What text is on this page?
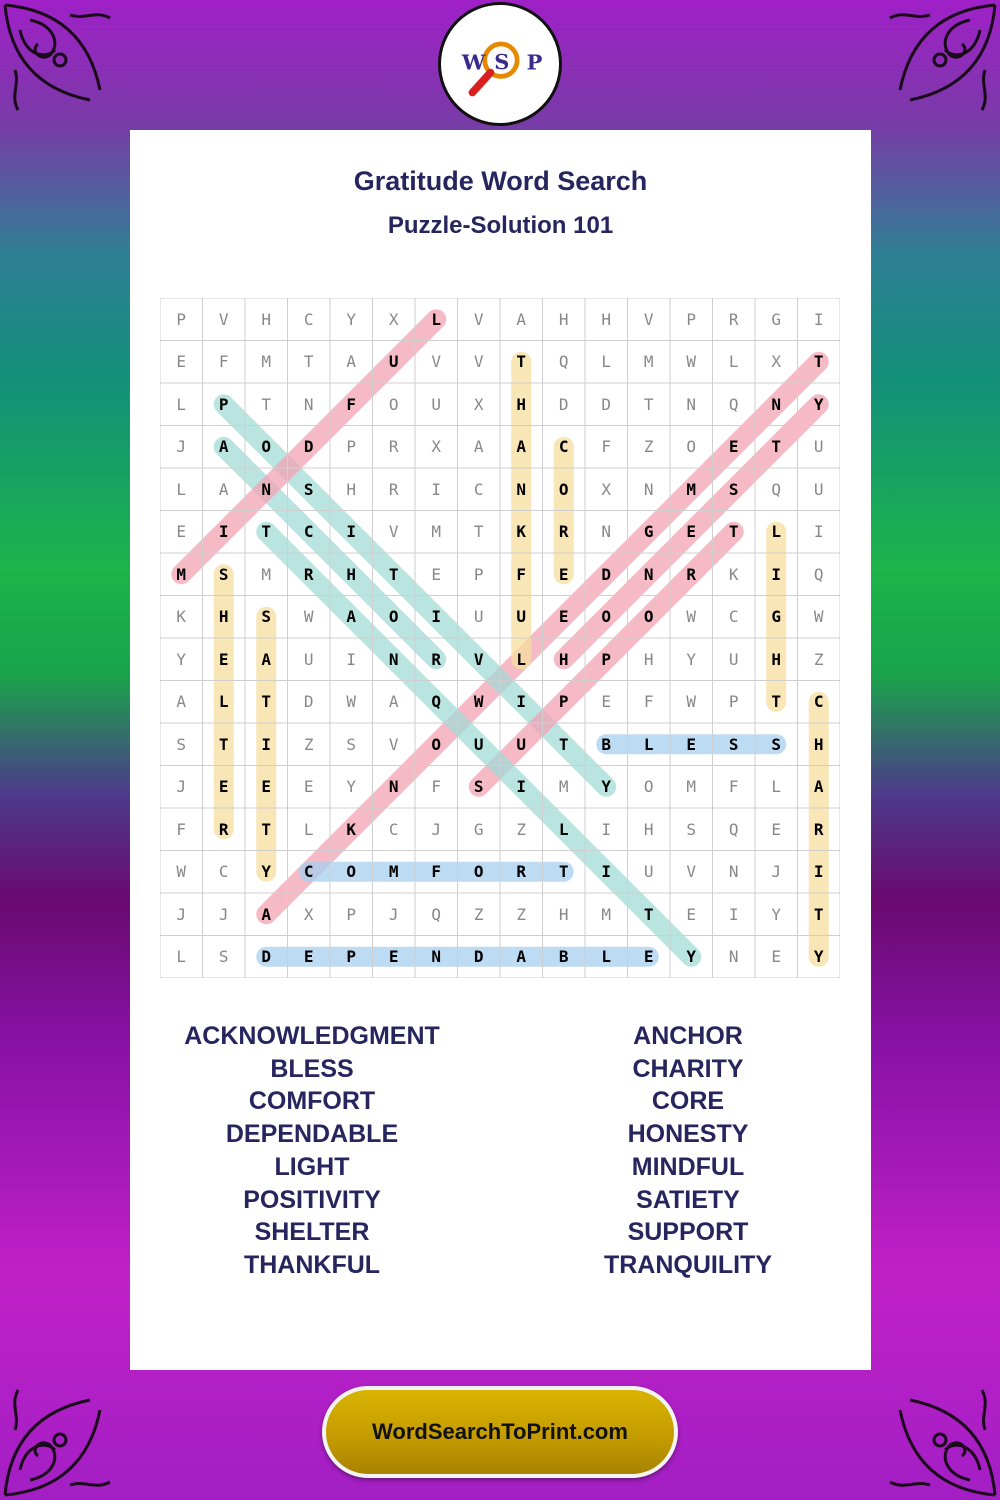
W S P
Gratitude Word Search
Puzzle-Solution 101
P	V	H	C	Y	X	L	V	A	H	H	V	P	R	G	I
E	F	M	T	A	U	V	V	T	Q	L	M	W	L	X	T
L	P	T	N	F	O	U	X	H	D	D	T	N	Q	N	Y
J	A	O	D	P	R	X	A	A	C	F	Z	O	E	T	U
L	A	N	S	H	R	I	C	N	O	X	N	M	S	Q	U
E	I	T	C	I	V	M	T	K	R	N	G	E	T	L	I
M	S	M	R	H	T	E	P	F	E	D	N	R	K	I	Q
K	H	S	W	A	O	I	U	U	E	O	O	W	C	G	W
Y	E	A	U	I	N	R	V	L	H	P	H	Y	U	H	Z
A	L	T	D	W	A	Q	W	I	P	E	F	W	P	T	C
S	T	I	Z	S	V	O	U	U	T	B	L	E	S	S	H
J	E	E	E	Y	N	F	S	I	M	Y	O	M	F	L	A
F	R	T	L	K	C	J	G	Z	L	I	H	S	Q	E	R
W	C	Y	C	O	M	F	O	R	T	I	U	V	N	J	I
J	J	A	X	P	J	Q	Z	Z	H	M	T	E	I	Y	T
L	S	D	E	P	E	N	D	A	B	L	E	Y	N	E	Y
ACKNOWLEDGMENT
BLESS
COMFORT
DEPENDABLE
LIGHT
POSITIVITY
SHELTER
THANKFUL
ANCHOR
CHARITY
CORE
HONESTY
MINDFUL
SATIETY
SUPPORT
TRANQUILITY
WordSearchToPrint.com
